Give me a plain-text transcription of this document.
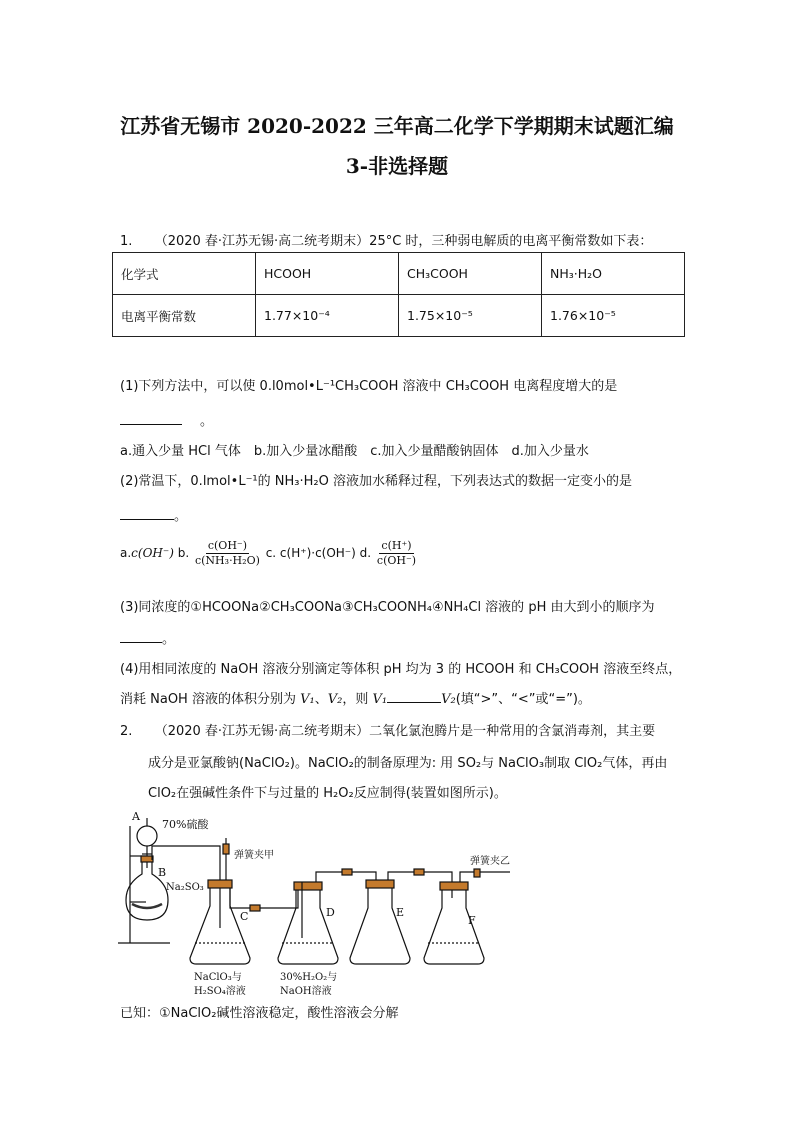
江苏省无锡市 2020-2022 三年高二化学下学期期末试题汇编
3-非选择题
1. （2020 春·江苏无锡·高二统考期末）25°C 时，三种弱电解质的电离平衡常数如下表：
化学式	HCOOH	CH₃COOH	NH₃·H₂O
电离平衡常数	1.77×10⁻⁴	1.75×10⁻⁵	1.76×10⁻⁵
(1)下列方法中，可以使 0.l0mol•L⁻¹CH₃COOH 溶液中 CH₃COOH 电离程度增大的是
。
a.通入少量 HCl 气体　b.加入少量冰醋酸　c.加入少量醋酸钠固体　d.加入少量水
(2)常温下，0.lmol•L⁻¹的 NH₃·H₂O 溶液加水稀释过程，下列表达式的数据一定变小的是
。
a.c(OH⁻) b. $\frac{c(OH^-)}{\text{c(NH₃·H₂O)}} c$. c(H⁺)·c(OH⁻) d. $\frac{c(H^+)}{c(OH^-)}$
(3)同浓度的①HCOONa②CH₃COONa③CH₃COONH₄④NH₄Cl 溶液的 pH 由大到小的顺序为
。
(4)用相同浓度的 NaOH 溶液分别滴定等体积 pH 均为 3 的 HCOOH 和 CH₃COOH 溶液至终点，
消耗 NaOH 溶液的体积分别为 V₁、V₂，则 V₁	V₂(填“>”、“<”或“=”)。
2. （2020 春·江苏无锡·高二统考期末）二氧化氯泡腾片是一种常用的含氯消毒剂，其主要
成分是亚氯酸钠(NaClO₂)。NaClO₂的制备原理为: 用 SO₂与 NaClO₃制取 ClO₂气体，再由
ClO₂在强碱性条件下与过量的 H₂O₂反应制得(装置如图所示)。
A
70%硫酸
B
Na₂SO₃
弹簧夹甲
C	D	E
F
弹簧夹乙
NaClO₃与
H₂SO₄溶液
30%H₂O₂与
NaOH溶液
已知：①NaClO₂碱性溶液稳定，酸性溶液会分解
